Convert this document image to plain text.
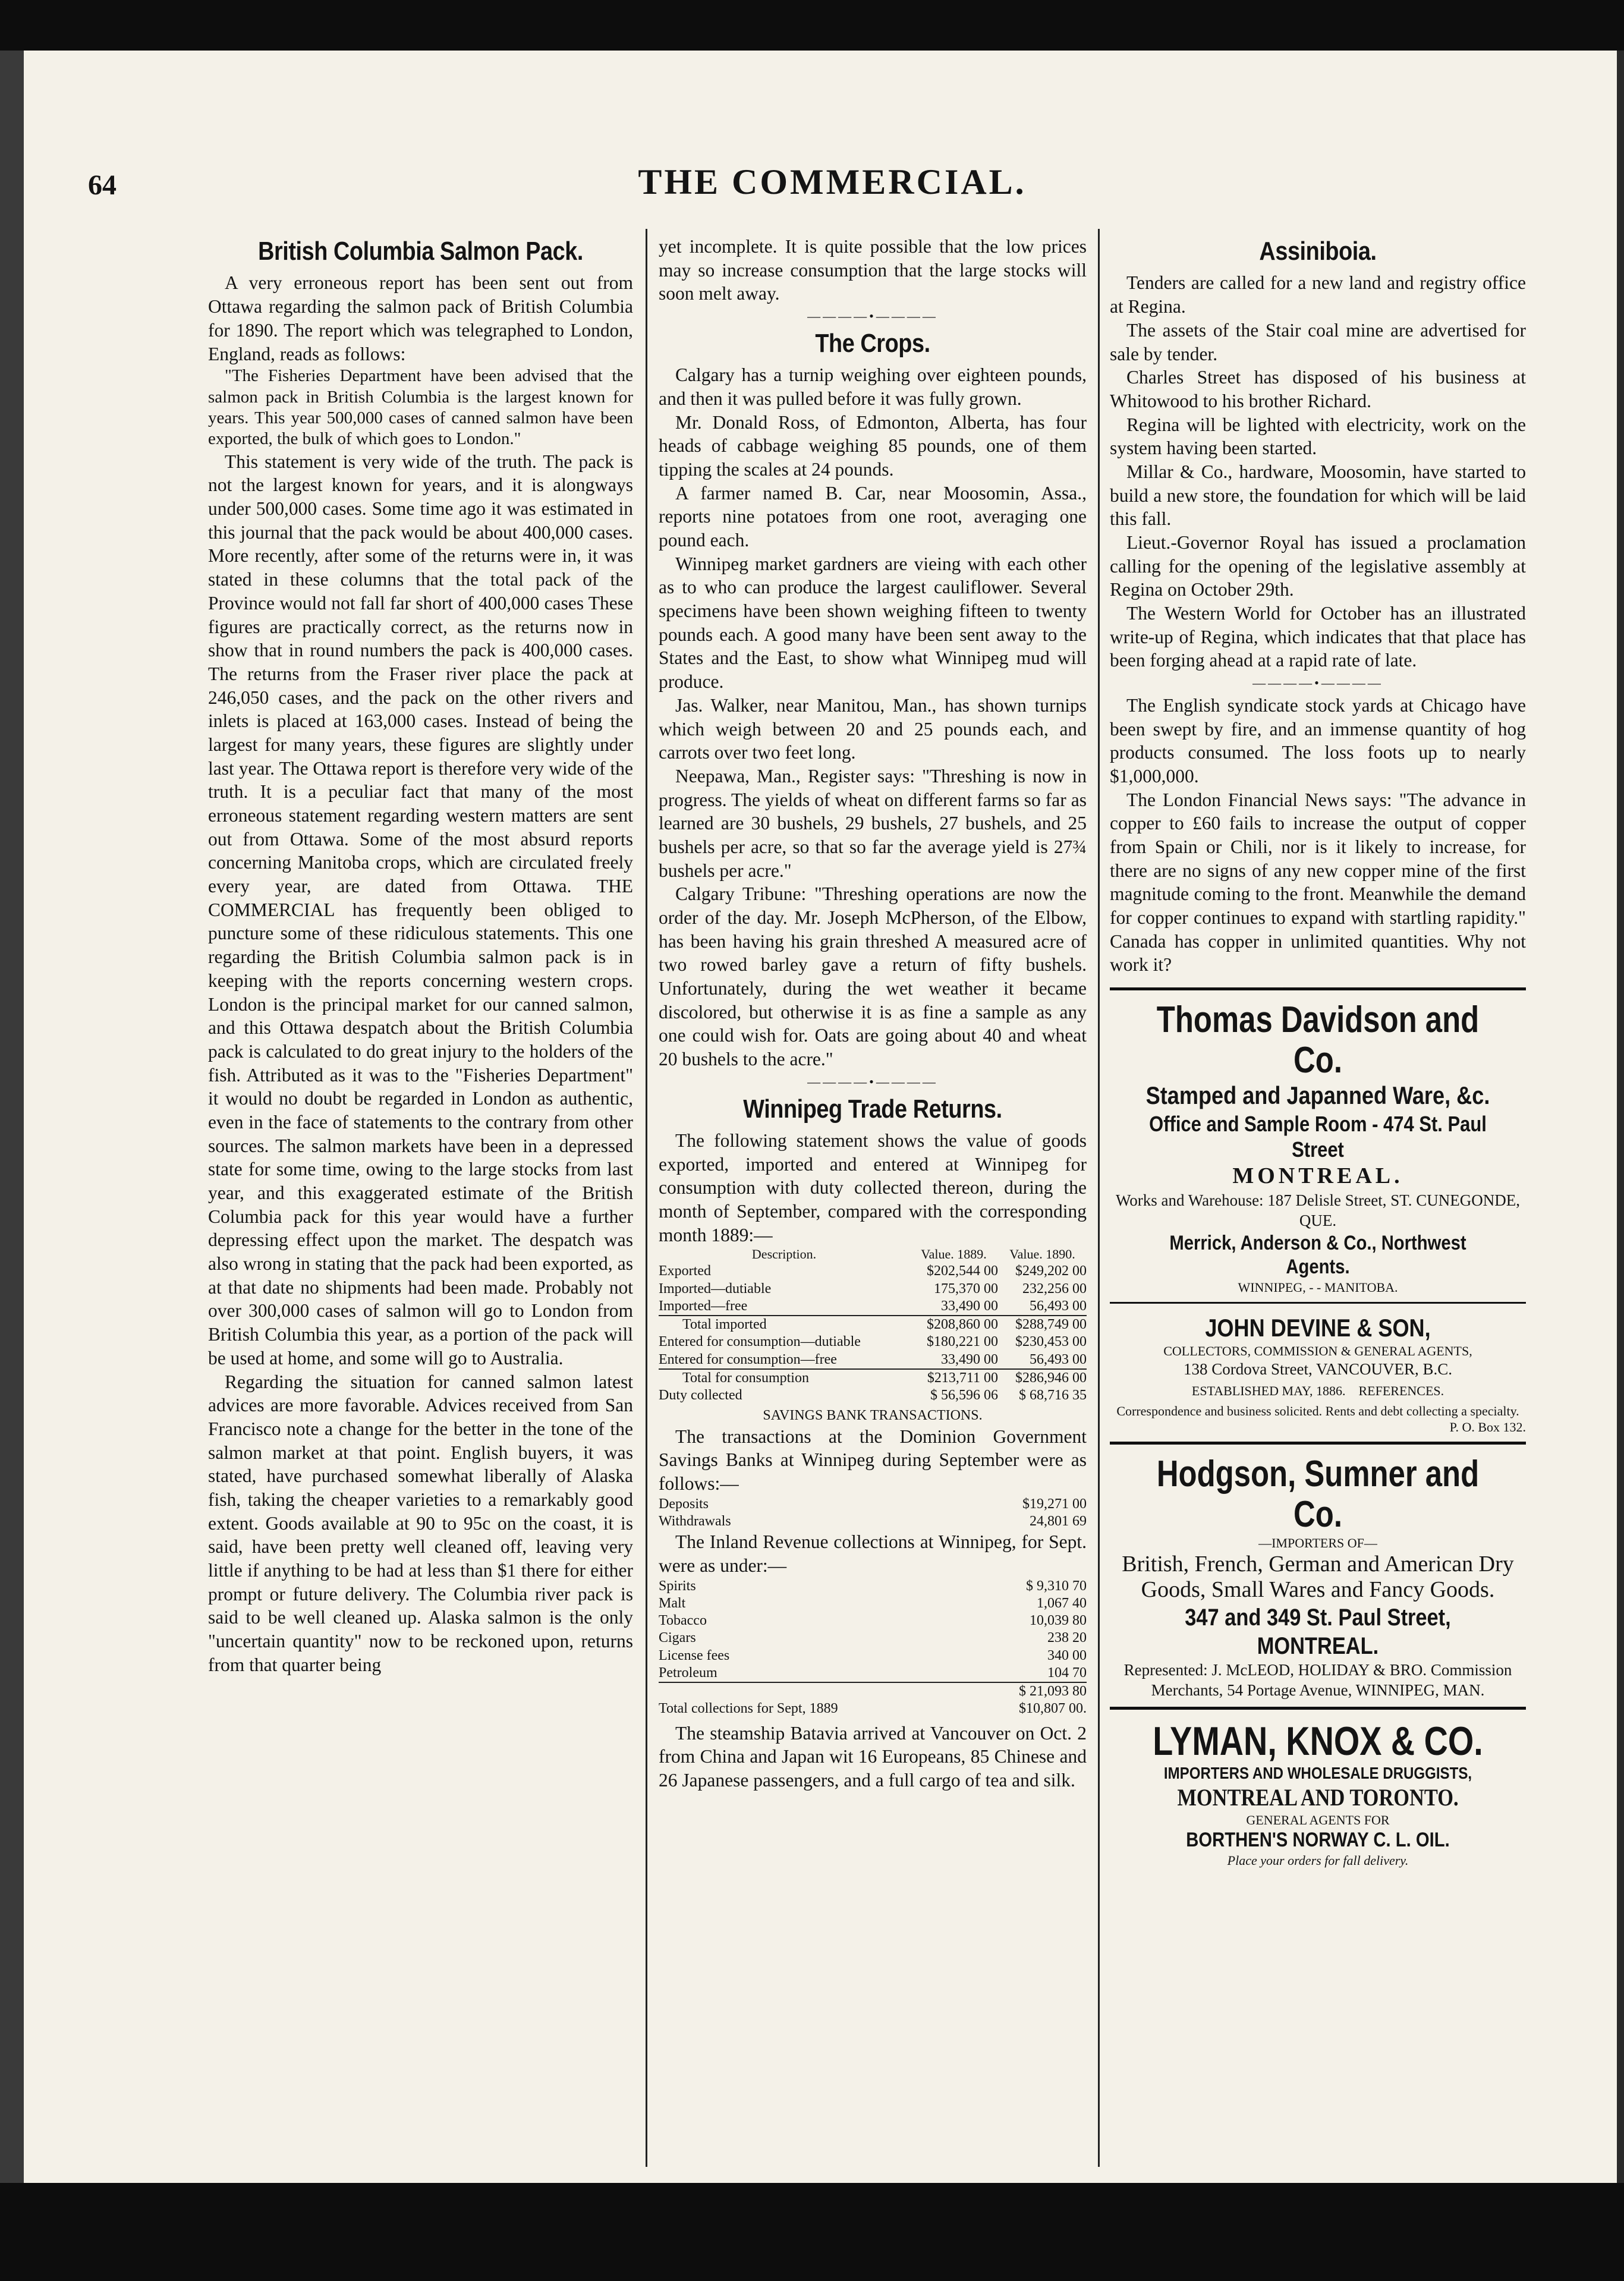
64	THE COMMERCIAL.
British Columbia Salmon Pack.

A very erroneous report has been sent out from Ottawa regarding the salmon pack of British Columbia for 1890. The report which was telegraphed to London, England, reads as follows:

"The Fisheries Department have been advised that the salmon pack in British Columbia is the largest known for years. This year 500,000 cases of canned salmon have been exported, the bulk of which goes to London."

This statement is very wide of the truth. The pack is not the largest known for years, and it is alongways under 500,000 cases. Some time ago it was estimated in this journal that the pack would be about 400,000 cases. More recently, after some of the returns were in, it was stated in these columns that the total pack of the Province would not fall far short of 400,000 cases These figures are practically correct, as the returns now in show that in round numbers the pack is 400,000 cases. The returns from the Fraser river place the pack at 246,050 cases, and the pack on the other rivers and inlets is placed at 163,000 cases. Instead of being the largest for many years, these figures are slightly under last year. The Ottawa report is therefore very wide of the truth. It is a peculiar fact that many of the most erroneous statement regarding western matters are sent out from Ottawa. Some of the most absurd reports concerning Manitoba crops, which are circulated freely every year, are dated from Ottawa. THE COMMERCIAL has frequently been obliged to puncture some of these ridiculous statements. This one regarding the British Columbia salmon pack is in keeping with the reports concerning western crops. London is the principal market for our canned salmon, and this Ottawa despatch about the British Columbia pack is calculated to do great injury to the holders of the fish. Attributed as it was to the "Fisheries Department" it would no doubt be regarded in London as authentic, even in the face of statements to the contrary from other sources. The salmon markets have been in a depressed state for some time, owing to the large stocks from last year, and this exaggerated estimate of the British Columbia pack for this year would have a further depressing effect upon the market. The despatch was also wrong in stating that the pack had been exported, as at that date no shipments had been made. Probably not over 300,000 cases of salmon will go to London from British Columbia this year, as a portion of the pack will be used at home, and some will go to Australia.

Regarding the situation for canned salmon latest advices are more favorable. Advices received from San Francisco note a change for the better in the tone of the salmon market at that point. English buyers, it was stated, have purchased somewhat liberally of Alaska fish, taking the cheaper varieties to a remarkably good extent. Goods available at 90 to 95c on the coast, it is said, have been pretty well cleaned off, leaving very little if anything to be had at less than $1 there for either prompt or future delivery. The Columbia river pack is said to be well cleaned up. Alaska salmon is the only "uncertain quantity" now to be reckoned upon, returns from that quarter being

yet incomplete. It is quite possible that the low prices may so increase consumption that the large stocks will soon melt away.

————•————
The Crops.

Calgary has a turnip weighing over eighteen pounds, and then it was pulled before it was fully grown.

Mr. Donald Ross, of Edmonton, Alberta, has four heads of cabbage weighing 85 pounds, one of them tipping the scales at 24 pounds.

A farmer named B. Car, near Moosomin, Assa., reports nine potatoes from one root, averaging one pound each.

Winnipeg market gardners are vieing with each other as to who can produce the largest cauliflower. Several specimens have been shown weighing fifteen to twenty pounds each. A good many have been sent away to the States and the East, to show what Winnipeg mud will produce.

Jas. Walker, near Manitou, Man., has shown turnips which weigh between 20 and 25 pounds each, and carrots over two feet long.

Neepawa, Man., Register says: "Threshing is now in progress. The yields of wheat on different farms so far as learned are 30 bushels, 29 bushels, 27 bushels, and 25 bushels per acre, so that so far the average yield is 27¾ bushels per acre."

Calgary Tribune: "Threshing operations are now the order of the day. Mr. Joseph McPherson, of the Elbow, has been having his grain threshed A measured acre of two rowed barley gave a return of fifty bushels. Unfortunately, during the wet weather it became discolored, but otherwise it is as fine a sample as any one could wish for. Oats are going about 40 and wheat 20 bushels to the acre."

————•————
Winnipeg Trade Returns.

The following statement shows the value of goods exported, imported and entered at Winnipeg for consumption with duty collected thereon, during the month of September, compared with the corresponding month 1889:—

Description.	Value. 1889.	Value. 1890.
Exported	$202,544 00	$249,202 00
Imported—dutiable	175,370 00	232,256 00
Imported—free	33,490 00	56,493 00
Total imported	$208,860 00	$288,749 00
Entered for consumption—dutiable	$180,221 00	$230,453 00
Entered for consumption—free	33,490 00	56,493 00
Total for consumption	$213,711 00	$286,946 00
Duty collected	$ 56,596 06	$ 68,716 35
SAVINGS BANK TRANSACTIONS.

The transactions at the Dominion Government Savings Banks at Winnipeg during September were as follows:—

Deposits	$19,271 00
Withdrawals	24,801 69

The Inland Revenue collections at Winnipeg, for Sept. were as under:—

Spirits	$ 9,310 70
Malt	1,067 40
Tobacco	10,039 80
Cigars	238 20
License fees	340 00
Petroleum	104 70
	$ 21,093 80
Total collections for Sept, 1889	$10,807 00.

The steamship Batavia arrived at Vancouver on Oct. 2 from China and Japan wit 16 Europeans, 85 Chinese and 26 Japanese passengers, and a full cargo of tea and silk.

Assiniboia.

Tenders are called for a new land and registry office at Regina.

The assets of the Stair coal mine are advertised for sale by tender.

Charles Street has disposed of his business at Whitowood to his brother Richard.

Regina will be lighted with electricity, work on the system having been started.

Millar & Co., hardware, Moosomin, have started to build a new store, the foundation for which will be laid this fall.

Lieut.-Governor Royal has issued a proclamation calling for the opening of the legislative assembly at Regina on October 29th.

The Western World for October has an illustrated write-up of Regina, which indicates that that place has been forging ahead at a rapid rate of late.

————•————

The English syndicate stock yards at Chicago have been swept by fire, and an immense quantity of hog products consumed. The loss foots up to nearly $1,000,000.

The London Financial News says: "The advance in copper to £60 fails to increase the output of copper from Spain or Chili, nor is it likely to increase, for there are no signs of any new copper mine of the first magnitude coming to the front. Meanwhile the demand for copper continues to expand with startling rapidity." Canada has copper in unlimited quantities. Why not work it?

Thomas Davidson and Co.
Stamped and Japanned Ware, &c.
Office and Sample Room - 474 St. Paul Street
MONTREAL.
Works and Warehouse: 187 Delisle Street, ST. CUNEGONDE, QUE.
Merrick, Anderson & Co., Northwest Agents.
WINNIPEG, - - MANITOBA.
JOHN DEVINE & SON,
COLLECTORS, COMMISSION & GENERAL AGENTS,
138 Cordova Street, VANCOUVER, B.C.
ESTABLISHED MAY, 1886. REFERENCES.
Correspondence and business solicited. Rents and debt collecting a specialty.
P. O. Box 132.
Hodgson, Sumner and Co.
—IMPORTERS OF—
British, French, German and American Dry Goods, Small Wares and Fancy Goods.
347 and 349 St. Paul Street, MONTREAL.
Represented: J. McLEOD, HOLIDAY & BRO. Commission Merchants, 54 Portage Avenue, WINNIPEG, MAN.
LYMAN, KNOX & CO.
IMPORTERS AND WHOLESALE DRUGGISTS,
MONTREAL AND TORONTO.
GENERAL AGENTS FOR
BORTHEN'S NORWAY C. L. OIL.
Place your orders for fall delivery.
